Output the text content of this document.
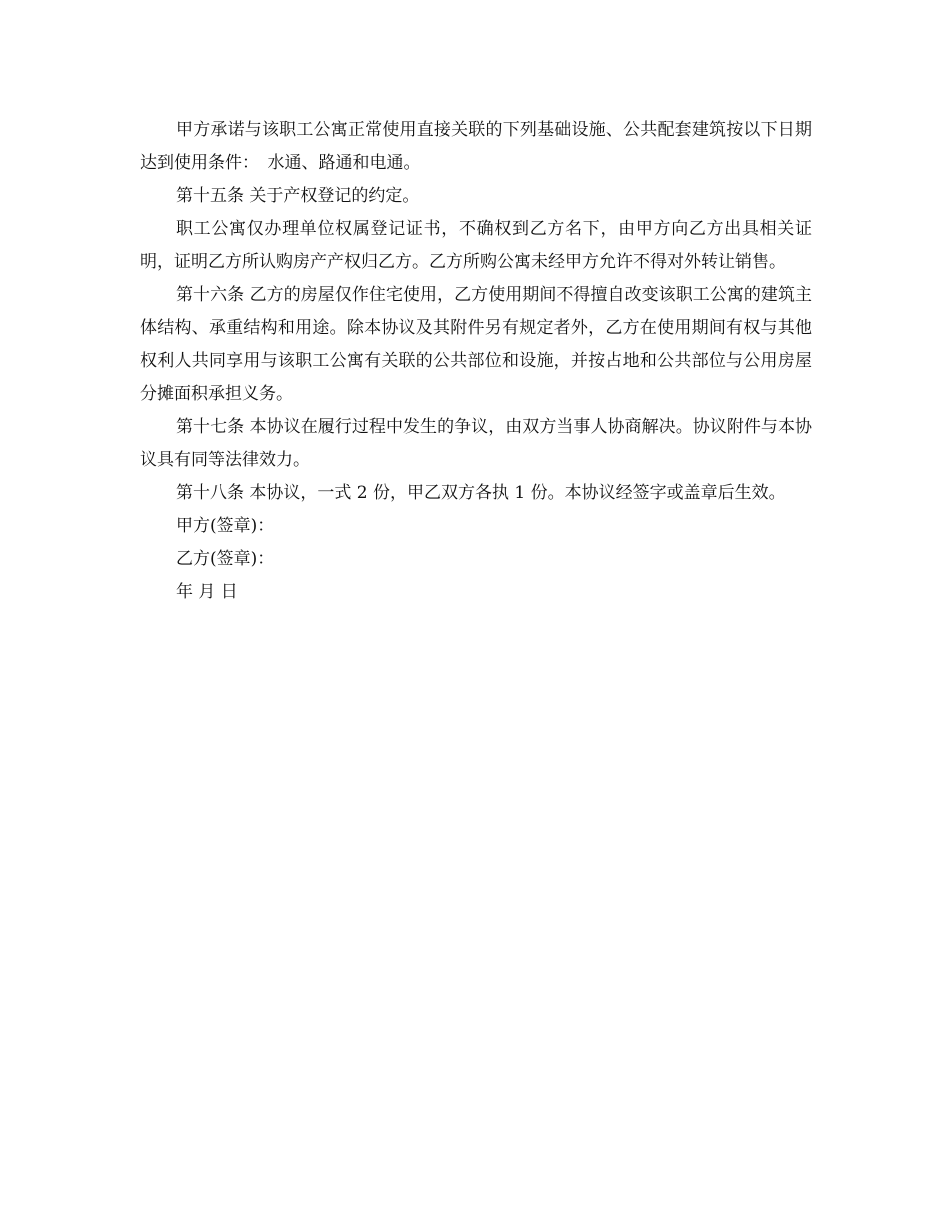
甲方承诺与该职工公寓正常使用直接关联的下列基础设施、公共配套建筑按以下日期达到使用条件：　水通、路通和电通。

第十五条 关于产权登记的约定。

职工公寓仅办理单位权属登记证书，不确权到乙方名下，由甲方向乙方出具相关证明，证明乙方所认购房产产权归乙方。乙方所购公寓未经甲方允许不得对外转让销售。

第十六条 乙方的房屋仅作住宅使用，乙方使用期间不得擅自改变该职工公寓的建筑主体结构、承重结构和用途。除本协议及其附件另有规定者外，乙方在使用期间有权与其他权利人共同享用与该职工公寓有关联的公共部位和设施，并按占地和公共部位与公用房屋分摊面积承担义务。

第十七条 本协议在履行过程中发生的争议，由双方当事人协商解决。协议附件与本协议具有同等法律效力。

第十八条 本协议，一式 2 份，甲乙双方各执 1 份。本协议经签字或盖章后生效。

甲方(签章)：

乙方(签章)：

年 月 日
